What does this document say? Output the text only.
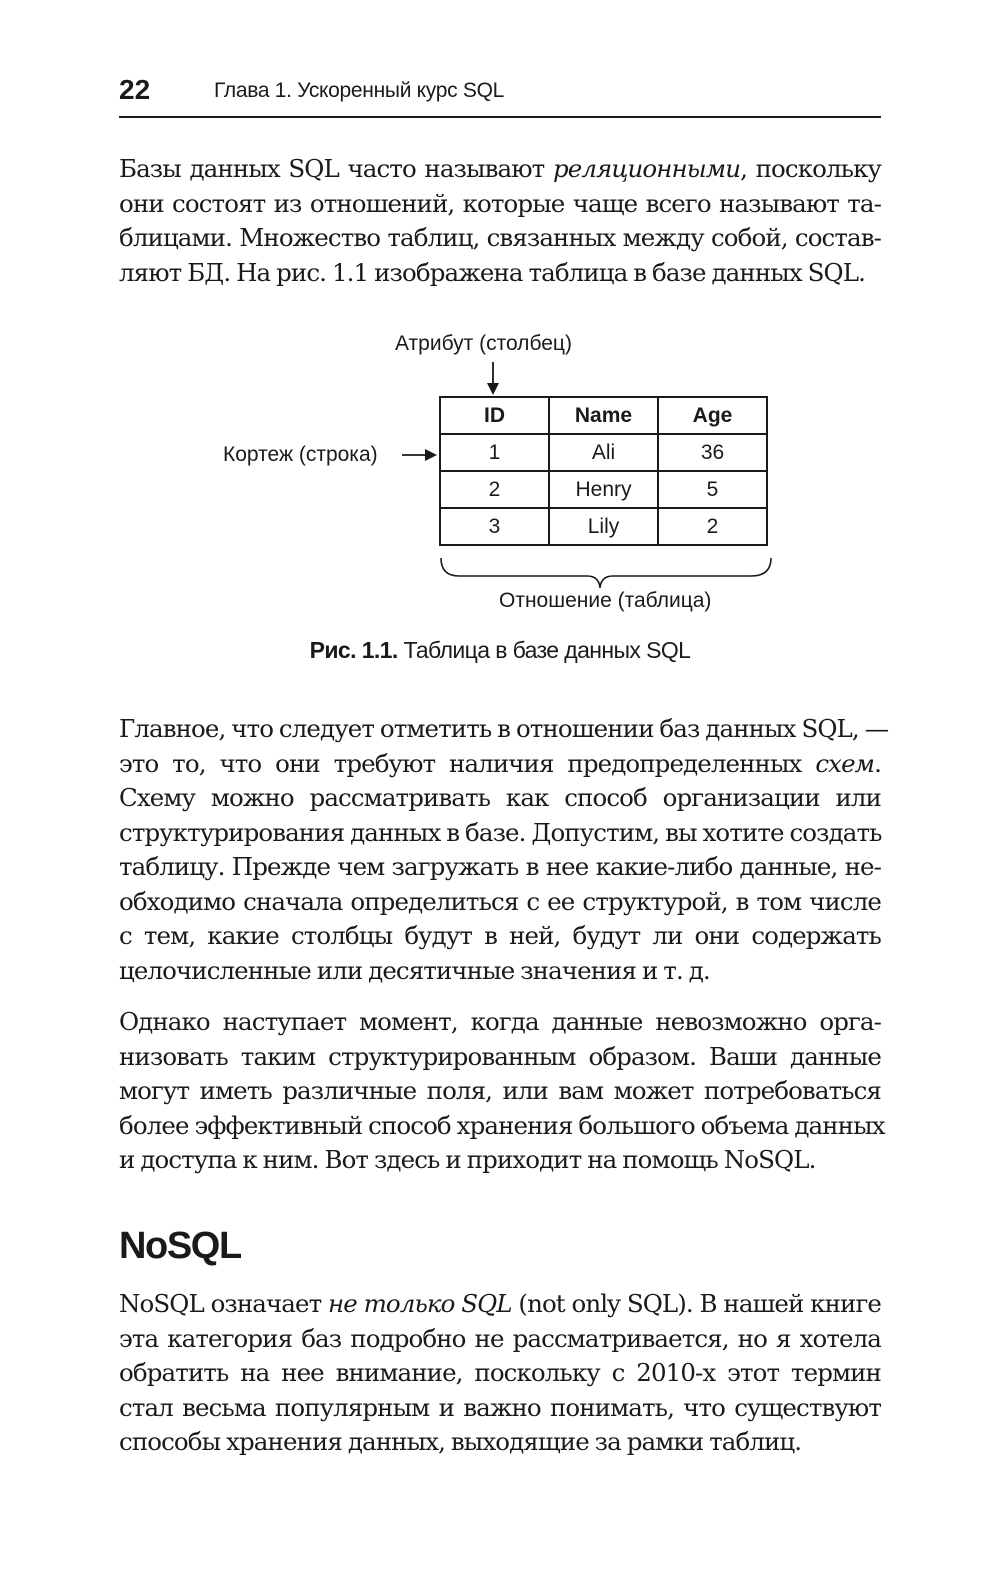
22	Глава 1. Ускоренный курс SQL

Базы данных SQL часто называют реляционными, поскольку
они состоят из отношений, которые чаще всего называют та-
блицами. Множество таблиц, связанных между собой, состав-
ляют БД. На рис. 1.1 изображена таблица в базе данных SQL.

Атрибут (столбец)
Кортеж (строка)
ID	Name	Age
1	Ali	36
2	Henry	5
3	Lily	2
Отношение (таблица)
Рис. 1.1. Таблица в базе данных SQL

Главное, что следует отметить в отношении баз данных SQL, —
это то, что они требуют наличия предопределенных схем.
Схему можно рассматривать как способ организации или
структурирования данных в базе. Допустим, вы хотите создать
таблицу. Прежде чем загружать в нее какие-либо данные, не-
обходимо сначала определиться с ее структурой, в том числе
с тем, какие столбцы будут в ней, будут ли они содержать
целочисленные или десятичные значения и т. д.

Однако наступает момент, когда данные невозможно орга-
низовать таким структурированным образом. Ваши данные
могут иметь различные поля, или вам может потребоваться
более эффективный способ хранения большого объема данных
и доступа к ним. Вот здесь и приходит на помощь NoSQL.

NoSQL

NoSQL означает не только SQL (not only SQL). В нашей книге
эта категория баз подробно не рассматривается, но я хотела
обратить на нее внимание, поскольку с 2010-х этот термин
стал весьма популярным и важно понимать, что существуют
способы хранения данных, выходящие за рамки таблиц.
